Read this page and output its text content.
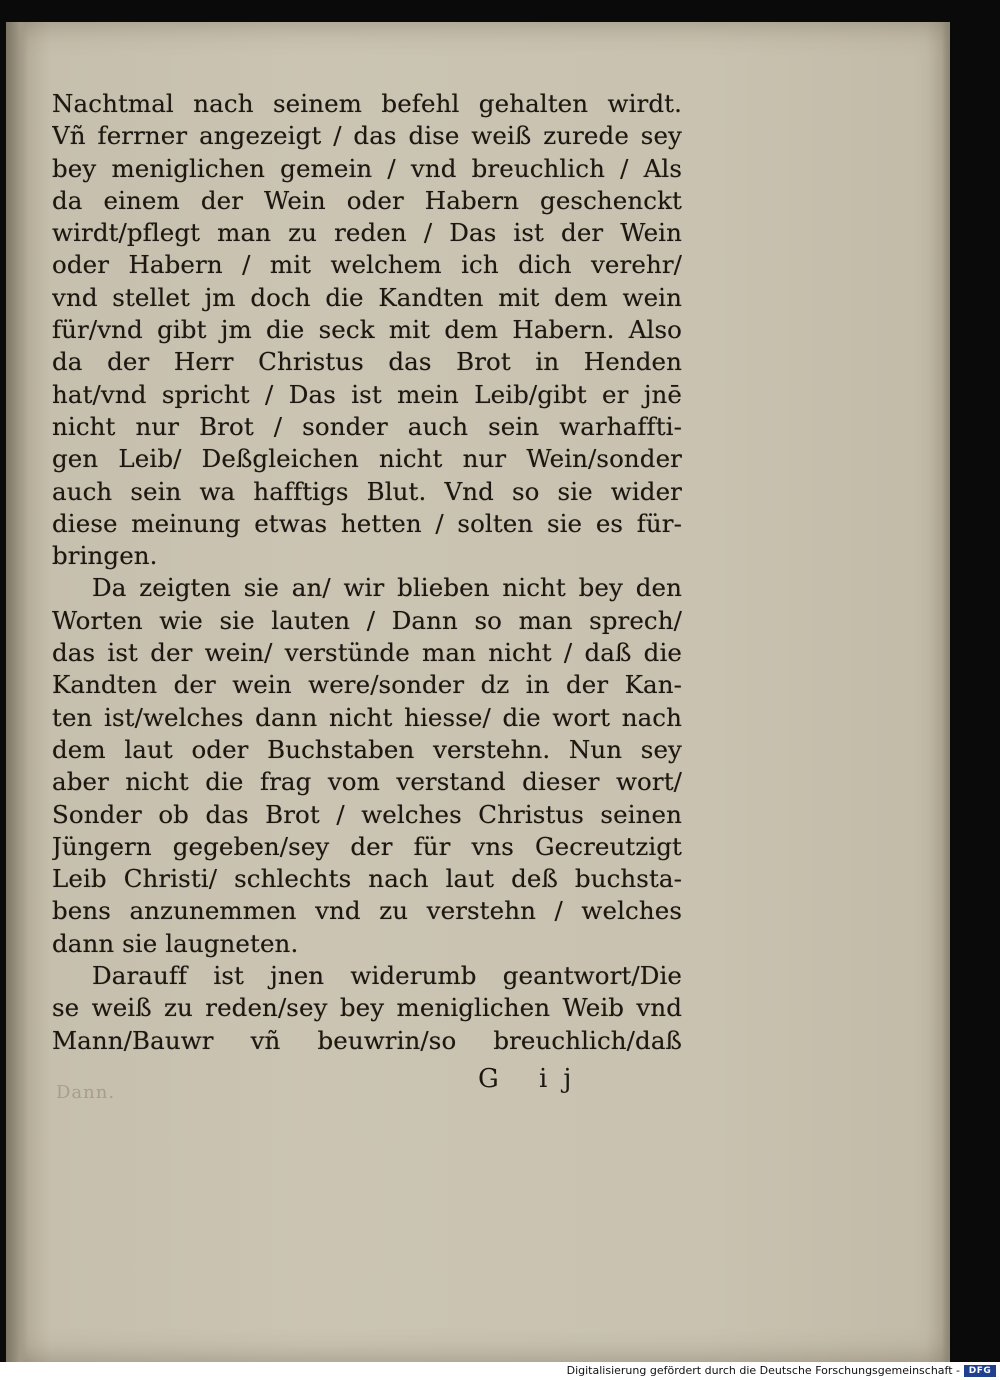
Nachtmal nach seinem befehl gehalten wirdt.
Vñ ferrner angezeigt / das dise weiß zurede sey
bey meniglichen gemein / vnd breuchlich / Als
da einem der Wein oder Habern geschenckt
wirdt/pflegt man zu reden / Das ist der Wein
oder Habern / mit welchem ich dich verehr/
vnd stellet jm doch die Kandten mit dem wein
für/vnd gibt jm die seck mit dem Habern. Also
da der Herr Christus das Brot in Henden
hat/vnd spricht / Das ist mein Leib/gibt er jnē
nicht nur Brot / sonder auch sein warhaffti-
gen Leib/ Deßgleichen nicht nur Wein/sonder
auch sein wa hafftigs Blut. Vnd so sie wider
diese meinung etwas hetten / solten sie es für-
bringen.
Da zeigten sie an/ wir blieben nicht bey den
Worten wie sie lauten / Dann so man sprech/
das ist der wein/ verstünde man nicht / daß die
Kandten der wein were/sonder dz in der Kan-
ten ist/welches dann nicht hiesse/ die wort nach
dem laut oder Buchstaben verstehn. Nun sey
aber nicht die frag vom verstand dieser wort/
Sonder ob das Brot / welches Christus seinen
Jüngern gegeben/sey der für vns Gecreutzigt
Leib Christi/ schlechts nach laut deß buchsta-
bens anzunemmen vnd zu verstehn / welches
dann sie laugneten.
Darauff ist jnen widerumb geantwort/Die
se weiß zu reden/sey bey meniglichen Weib vnd
Mann/Bauwr vñ beuwrin/so breuchlich/daß
Dann.	G ij
Digitalisierung gefördert durch die Deutsche Forschungsgemeinschaft - DFG
